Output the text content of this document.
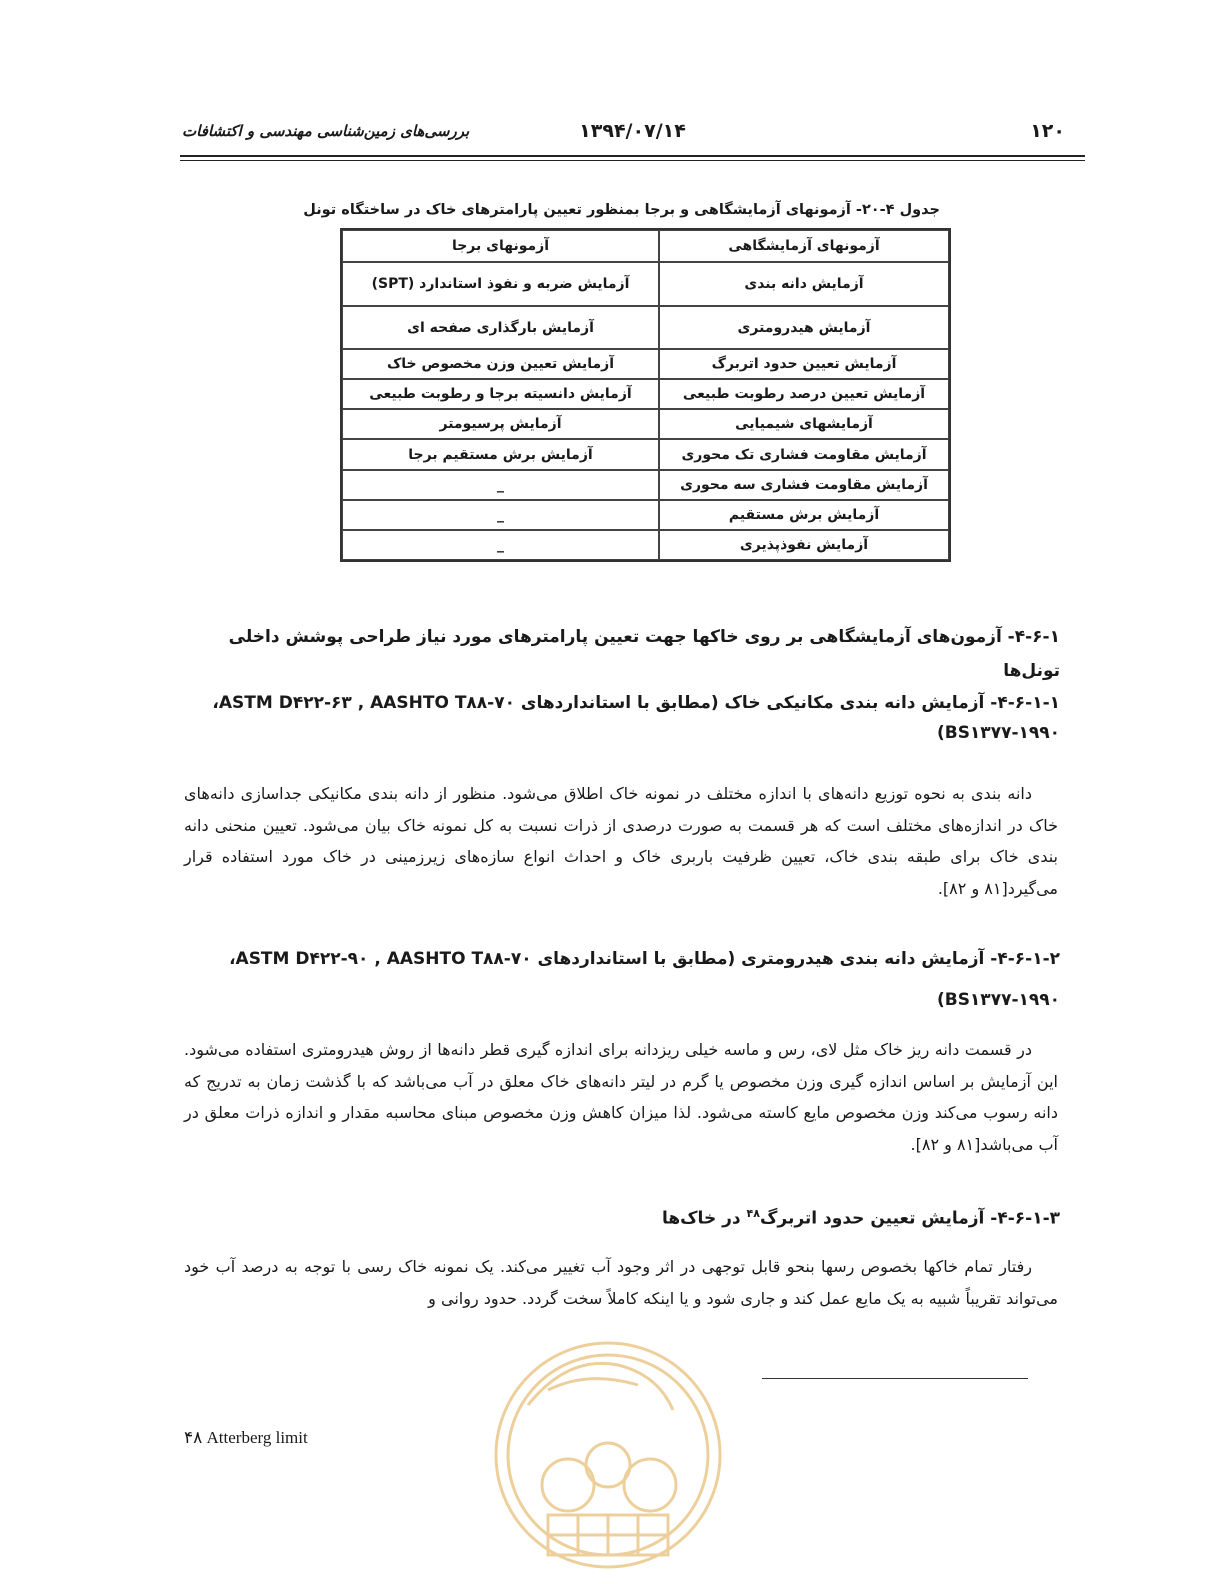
۱۲۰
۱۳۹۴/۰۷/۱۴
بررسی‌های زمین‌شناسی مهندسی و اکتشافات
جدول ۴-۲۰- آزمونهای آزمایشگاهی و برجا بمنظور تعیین پارامترهای خاک در ساختگاه تونل
آزمونهای آزمایشگاهی	آزمونهای برجا
آزمایش دانه بندی	آزمایش ضربه و نفوذ استاندارد (SPT)
آزمایش هیدرومتری	آزمایش بارگذاری صفحه ای
آزمایش تعیین حدود اتربرگ	آزمایش تعیین وزن مخصوص خاک
آزمایش تعیین درصد رطوبت طبیعی	آزمایش دانسیته برجا و رطوبت طبیعی
آزمایشهای شیمیایی	آزمایش پرسیومتر
آزمایش مقاومت فشاری تک محوری	آزمایش برش مستقیم برجا
آزمایش مقاومت فشاری سه محوری	_
آزمایش برش مستقیم	_
آزمایش نفوذپذیری	_
۴-۶-۱- آزمون‌های آزمایشگاهی بر روی خاکها جهت تعیین پارامترهای مورد نیاز طراحی پوشش داخلی تونل‌ها
۴-۶-۱-۱- آزمایش دانه بندی مکانیکی خاک (مطابق با استانداردهای ASTM D۴۲۲-۶۳ , AASHTO T۸۸-۷۰،
BS۱۳۷۷-۱۹۹۰)
دانه بندی به نحوه توزیع دانه‌های با اندازه مختلف در نمونه خاک اطلاق می‌شود. منظور از دانه بندی مکانیکی جداسازی دانه‌های خاک در اندازه‌های مختلف است که هر قسمت به صورت درصدی از ذرات نسبت به کل نمونه خاک بیان می‌شود. تعیین منحنی دانه بندی خاک برای طبقه بندی خاک، تعیین ظرفیت باربری خاک و احداث انواع سازه‌های زیرزمینی در خاک مورد استفاده قرار می‌گیرد[۸۱ و ۸۲].
۴-۶-۱-۲- آزمایش دانه بندی هیدرومتری (مطابق با استانداردهای ASTM D۴۲۲-۹۰ , AASHTO T۸۸-۷۰،
BS۱۳۷۷-۱۹۹۰)
در قسمت دانه ریز خاک مثل لای، رس و ماسه خیلی ریزدانه برای اندازه گیری قطر دانه‌ها از روش هیدرومتری استفاده می‌شود. این آزمایش بر اساس اندازه گیری وزن مخصوص یا گرم در لیتر دانه‌های خاک معلق در آب می‌باشد که با گذشت زمان به تدریج که دانه رسوب می‌کند وزن مخصوص مایع کاسته می‌شود. لذا میزان کاهش وزن مخصوص مبنای محاسبه مقدار و اندازه ذرات معلق در آب می‌باشد[۸۱ و ۸۲].
۴-۶-۱-۳- آزمایش تعیین حدود اتربرگ$^{۴۸}$ در خاک‌ها
رفتار تمام خاکها بخصوص رسها بنحو قابل توجهی در اثر وجود آب تغییر می‌کند. یک نمونه خاک رسی با توجه به درصد آب خود می‌تواند تقریباً شبیه به یک مایع عمل کند و جاری شود و یا اینکه کاملاً سخت گردد. حدود روانی و
۴۸ Atterberg limit
